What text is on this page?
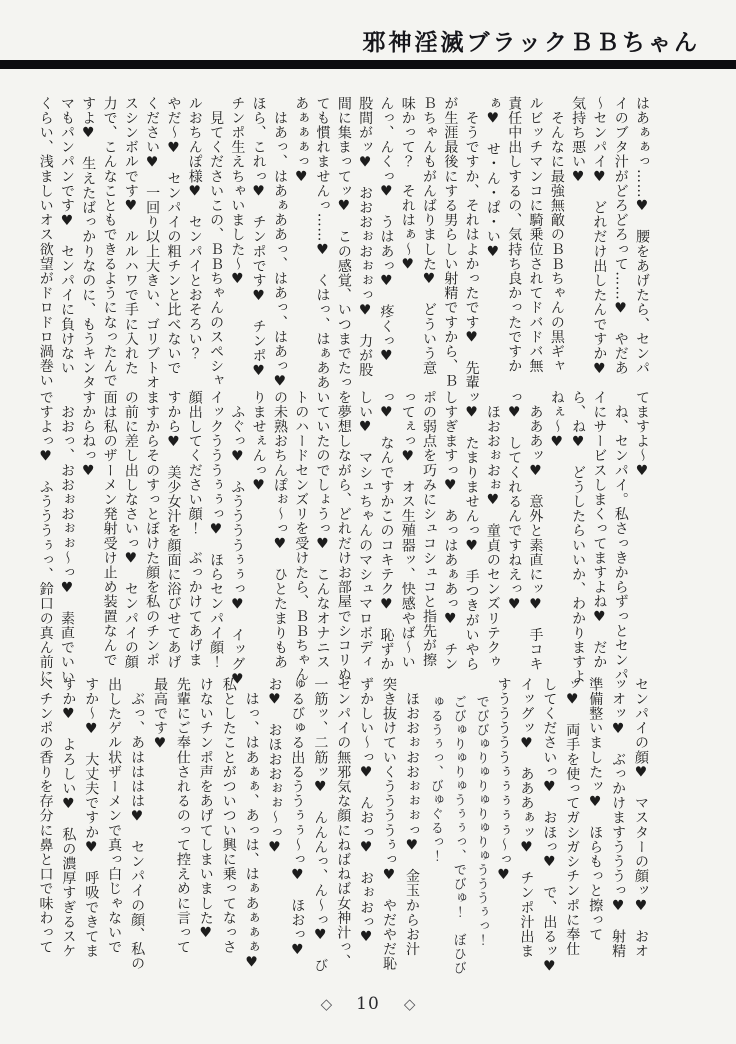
邪神淫滅ブラックＢＢちゃん
はあぁぁっ……♥　腰をあげたら、センパ
イのブタ汁がどろどろって……♥　やだあ
～センパイ♥　どれだけ出したんですか♥
気持ち悪い♥
　そんなに最強無敵のＢＢちゃんの黒ギャ
ルビッチマンコに騎乗位されてドバドバ無
責任中出しするの、気持ち良かったですか
ぁ♥　せ・ん・ぱ・い♥
　そうですか、それはよかったです♥　先輩
が生涯最後にする男らしい射精ですから、Ｂ
Ｂちゃんもがんばりました♥　どういう意
味かって？　それはぁ～♥
んっ、んくっ♥　うはあっ♥　疼くっ♥
股間がッ♥　おおおぉおぉぉっ♥　力が股
間に集まってッ♥　この感覚、いつまでたっ
ても慣れませんっ……♥　くはっ、はぁああ
あぁぁぁっ♥
　はあっ、はあぁああっ、はあっ、はあっ♥
ほら、これっ♥　チンポです♥　チンポ♥
チンポ生えちゃいました～♥
　見てくださいこの、ＢＢちゃんのスペシャ
ルおちんぽ様♥　センパイとおそろい？
やだ～♥　センパイの粗チンと比べないで
ください♥　一回り以上大きい、ゴリブトオ
スシンボルです♥　ルルハワで手に入れた
力で、こんなこともできるようになったんで
すよ♥　生えたばっかりなのに、もうキンタ
マもパンパンです♥　センパイに負けない
くらい、浅ましいオス欲望がドロドロ渦巻い
てますよ～♥
　ね、センパイ。私さっきからずっとセンパ
イにサービスしまくってますよね♥　だか
ら、ね♥　どうしたらいいか、わかりますよ
ねぇ～♥
　あああッ♥　意外と素直にッ♥　手コキ
っ♥　してくれるんですねえっ♥
　ほおおぉおぉ♥　童貞のセンズリテクゥ
ッ♥　たまりませんっ♥　手つきがいやら
しすぎますっ♥　あっはあぁあっ♥　チン
ポの弱点を巧みにシュコシュコと指先が擦
ってぇっ♥　オス生殖器ッ、快感やば～い
っ♥　なんですかこのコキテク♥　恥ずか
しい♥　マシュちゃんのマシュマロボディ
を夢想しながら、どれだけお部屋でシコリぬ
いていたのでしょうっ♥　こんなオナニス
トのハードセンズリを受けたら、ＢＢちゃん
の未熟おちんぽぉ～っ♥　ひとたまりもあ
りませぇんっ♥
　ふぐっ♥　ふううううぅぅっ♥　イッグ♥
イックうううぅぅっ♥　ほらセンパイ顔！
顔出してください顔！　ぶっかけてあげま
すから♥　美少女汁を顔面に浴びせてあげ
ますからそのすっとぼけた顔を私のチンポ
の前に差し出しなさいっ♥　センパイの顔
面は私のザーメン発射受け止め装置なんで
すからねっ♥
　おおっ、おおぉおぉぉ～っ♥　素直でいい
ですよっ♥　ふうううぅっ、鈴口の真ん前に
センパイの顔♥　マスターの顔ッ♥　おオ
ッオッ♥　ぶっかけますうううっ♥　射精
準備整いましたッ♥　ほらもっと擦って
ッ♥　両手を使ってガシガシチンポに奉仕
してくださいっ♥　おほっ♥　で、出るッ♥
イッグッ♥　あああぁッ♥　チンポ汁出ま
すうううううぅぅぅぅぅ～っ♥
でびびゅりゅりゅりゅりゅうううぅっ！
ごびゅりゅりゅうぅぅっ、でびゅ！　ぼひび
ゅるうぅっ、びゅぐるっ！
　ほおおぉおおぉぉぉっ♥　金玉からお汁
突き抜けていくううううぅっ♥　やだやだ恥
ずかしい～っ♥　んおっ♥　おぉおっ♥
センパイの無邪気な顔にねばねば女神汁っ、
一筋ッ、二筋ッ♥　んんんっ、ん～っ♥　び
ゅるびゅる出るううぅぅ～っ♥　ほおっ♥
お♥　おほおおぉぉ～っ♥
　はっ、はあぁぁ、あっは、はぁあぁぁぁ♥
私としたことがついつい興に乗ってなっさ
けないチンポ声をあげてしまいました♥
先輩にご奉仕されるのって控えめに言って
最高です♥
　ぶっ、あはははは♥　センパイの顔、私の
出したゲル状ザーメンで真っ白じゃないで
すか～♥　大丈夫ですか♥　呼吸できてま
すか♥　よろしい♥　私の濃厚すぎるスケ
ベチンポの香りを存分に鼻と口で味わって
◇ 10 ◇
